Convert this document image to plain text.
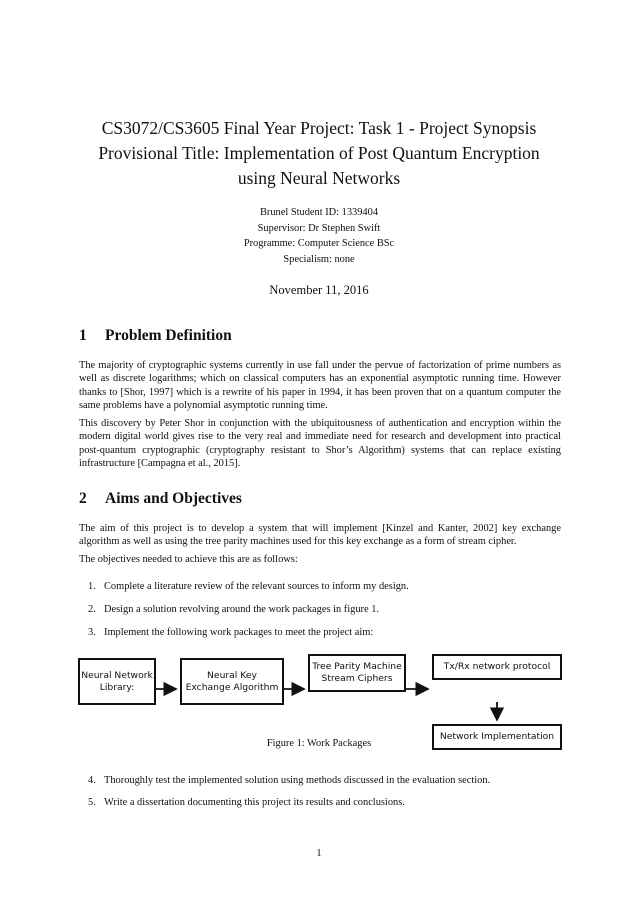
CS3072/CS3605 Final Year Project: Task 1 - Project Synopsis
Provisional Title: Implementation of Post Quantum Encryption
using Neural Networks
Brunel Student ID: 1339404
Supervisor: Dr Stephen Swift
Programme: Computer Science BSc
Specialism: none
November 11, 2016
1 Problem Definition
The majority of cryptographic systems currently in use fall under the pervue of factorization of prime numbers as well as discrete logarithms; which on classical computers has an exponential asymptotic running time. However thanks to [Shor, 1997] which is a rewrite of his paper in 1994, it has been proven that on a quantum computer the same problems have a polynomial asymptotic running time.
This discovery by Peter Shor in conjunction with the ubiquitousness of authentication and encryption within the modern digital world gives rise to the very real and immediate need for research and development into practical post-quantum cryptographic (cryptography resistant to Shor’s Algorithm) systems that can replace existing infrastructure [Campagna et al., 2015].
2 Aims and Objectives
The aim of this project is to develop a system that will implement [Kinzel and Kanter, 2002] key exchange algorithm as well as using the tree parity machines used for this key exchange as a form of stream cipher.
The objectives needed to achieve this are as follows:
1. Complete a literature review of the relevant sources to inform my design.
2. Design a solution revolving around the work packages in figure 1.
Neural Network
Library:
Neural Key
Exchange Algorithm
Tree Parity Machine
Stream Ciphers
Tx/Rx network protocol
Network Implementation
Figure 1: Work Packages
4. Thoroughly test the implemented solution using methods discussed in the evaluation section.
5. Write a dissertation documenting this project its results and conclusions.
1
3. Implement the following work packages to meet the project aim:
